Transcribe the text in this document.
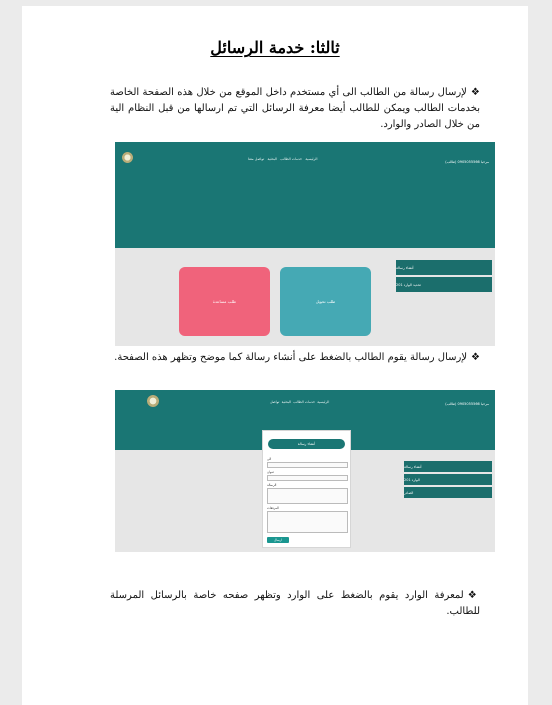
ثالثا: خدمة الرسائل
❖لإرسال رسالة من الطالب الى أي مستخدم داخل الموقع من خلال هذه الصفحة الخاصة بخدمات الطالب ويمكن للطالب أيضا معرفة الرسائل التي تم ارسالها من قبل النظام الية من خلال الصادر والوارد.
الرئيسية   خدمات الطالب   البحثية   تواصل معنا
مرحبا 0905055566 (طالب)
أنشاء رسالة
تحديد الوارد 201
طلب تحويل
طلب مساعدة
❖لإرسال رسالة يقوم الطالب بالضغط على أنشاء رسالة كما موضح وتظهر هذه الصفحة.
الرئيسية  خدمات الطالب  البحثية  تواصل	مرحبا 0905055566 (طالب)
أنشاء رسالة
الوارد 201
الصادر
أنشاء رسالة
الى
عنوان
الرسالة
المرفقات
ارسال
❖لمعرفة الوارد يقوم بالضغط على الوارد وتظهر صفحه خاصة بالرسائل المرسلة للطالب.
